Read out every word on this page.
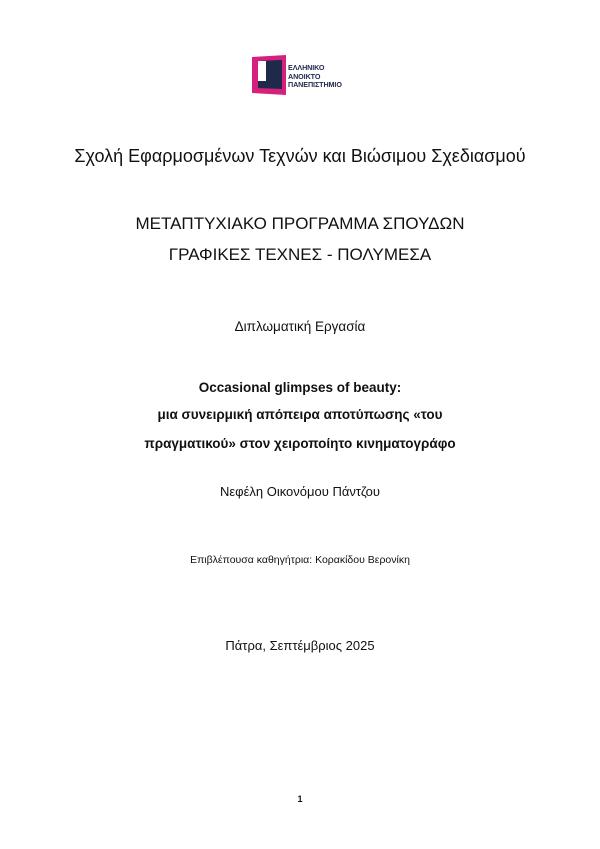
ΕΛΛΗΝΙΚΟ
ΑΝΟΙΚΤΟ
ΠΑΝΕΠΙΣΤΗΜΙΟ
Σχολή Εφαρμοσμένων Τεχνών και Βιώσιμου Σχεδιασμού
ΜΕΤΑΠΤΥΧΙΑΚΟ ΠΡΟΓΡΑΜΜΑ ΣΠΟΥΔΩΝ
ΓΡΑΦΙΚΕΣ ΤΕΧΝΕΣ - ΠΟΛΥΜΕΣΑ
Διπλωματική Εργασία
Occasional glimpses of beauty:
μια συνειρμική απόπειρα αποτύπωσης «του
πραγματικού» στον χειροποίητο κινηματογράφο
Νεφέλη Οικονόμου Πάντζου
Επιβλέπουσα καθηγήτρια: Κορακίδου Βερονίκη
Πάτρα, Σεπτέμβριος 2025
1
